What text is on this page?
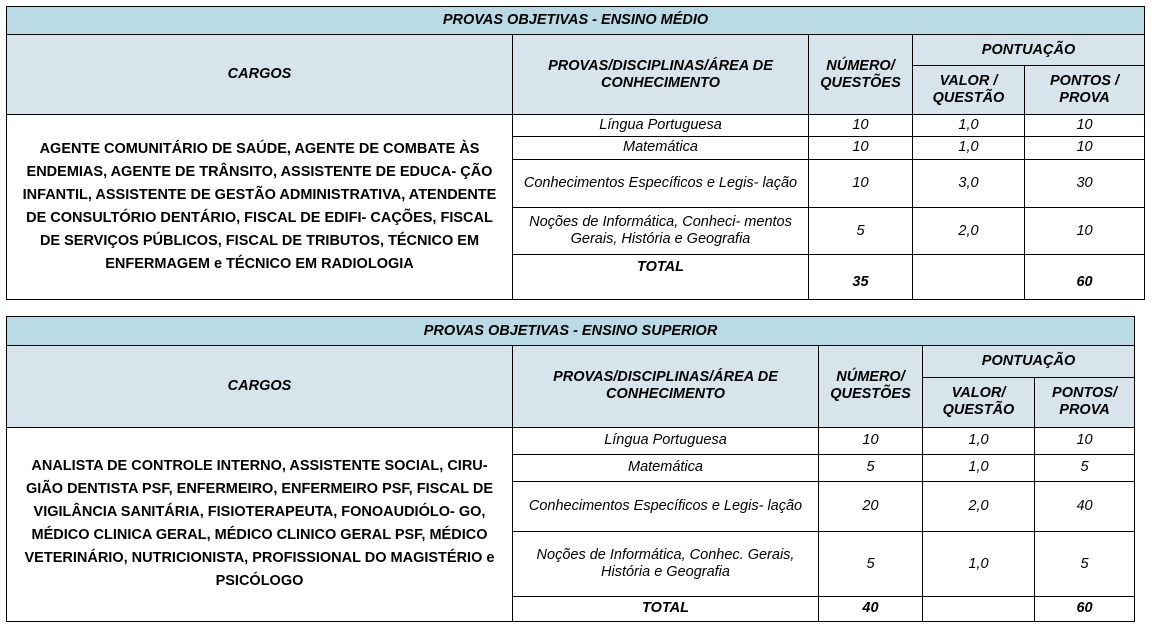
PROVAS OBJETIVAS - ENSINO MÉDIO				
CARGOS	PROVAS/DISCIPLINAS/ÁREA DE CONHECIMENTO	NÚMERO/ QUESTÕES	PONTUAÇÃO	
			VALOR / QUESTÃO	PONTOS / PROVA
AGENTE COMUNITÁRIO DE SAÚDE, AGENTE DE COMBATE ÀS ENDEMIAS, AGENTE DE TRÂNSITO, ASSISTENTE DE EDUCA- ÇÃO INFANTIL, ASSISTENTE DE GESTÃO ADMINISTRATIVA, ATENDENTE DE CONSULTÓRIO DENTÁRIO, FISCAL DE EDIFI- CAÇÕES, FISCAL DE SERVIÇOS PÚBLICOS, FISCAL DE TRIBUTOS, TÉCNICO EM ENFERMAGEM e TÉCNICO EM RADIOLOGIA	Língua Portuguesa	10	1,0	10
	Matemática	10	1,0	10
	Conhecimentos Específicos e Legis- lação	10	3,0	30
	Noções de Informática, Conheci- mentos Gerais, História e Geografia	5	2,0	10
	TOTAL	35		60
PROVAS OBJETIVAS - ENSINO SUPERIOR				
CARGOS	PROVAS/DISCIPLINAS/ÁREA DE CONHECIMENTO	NÚMERO/ QUESTÕES	PONTUAÇÃO	
			VALOR/ QUESTÃO	PONTOS/ PROVA
ANALISTA DE CONTROLE INTERNO, ASSISTENTE SOCIAL, CIRU- GIÃO DENTISTA PSF, ENFERMEIRO, ENFERMEIRO PSF, FISCAL DE VIGILÂNCIA SANITÁRIA, FISIOTERAPEUTA, FONOAUDIÓLO- GO, MÉDICO CLINICA GERAL, MÉDICO CLINICO GERAL PSF, MÉDICO VETERINÁRIO, NUTRICIONISTA, PROFISSIONAL DO MAGISTÉRIO e PSICÓLOGO	Língua Portuguesa	10	1,0	10
	Matemática	5	1,0	5
	Conhecimentos Específicos e Legis- lação	20	2,0	40
	Noções de Informática, Conhec. Gerais, História e Geografia	5	1,0	5
	TOTAL	40		60
